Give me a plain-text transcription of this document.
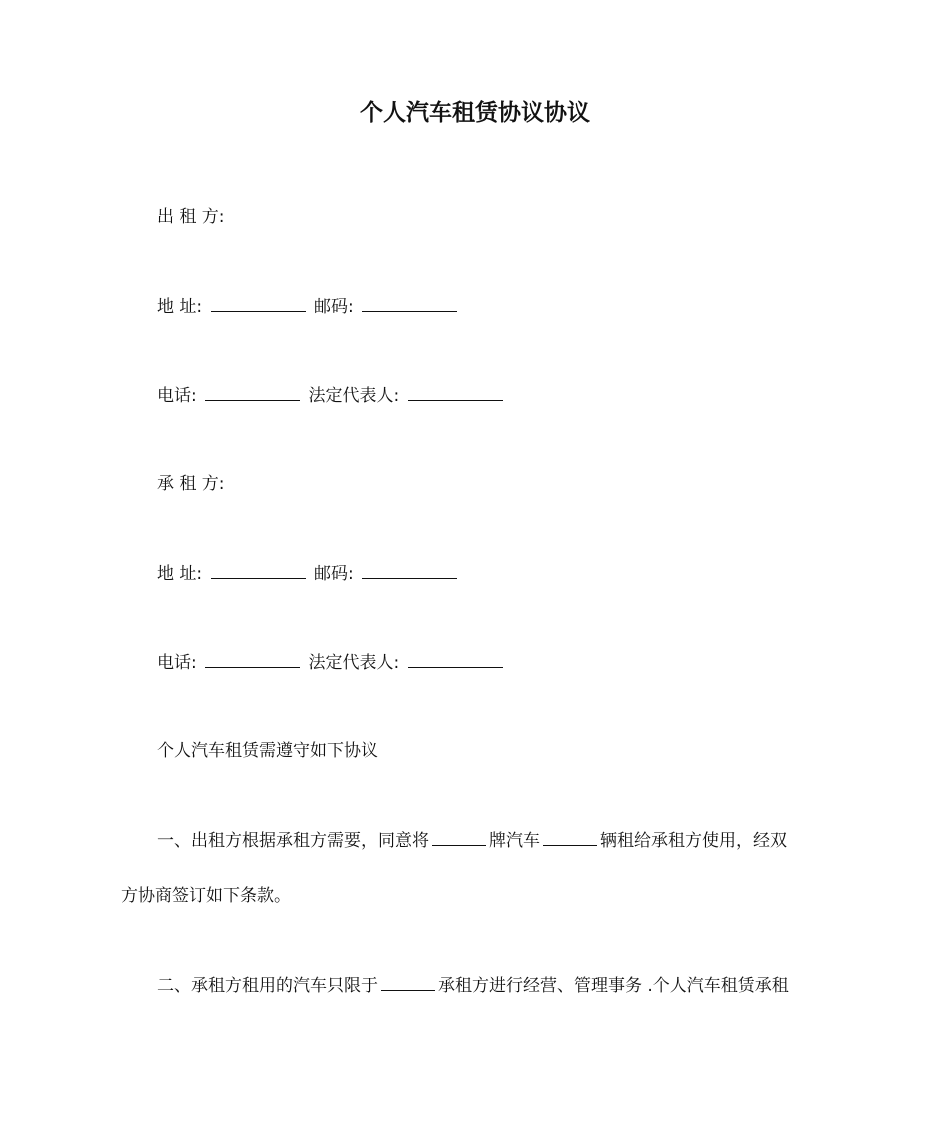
个人汽车租赁协议协议
出 租 方:
地 址:	邮码:
电话:	法定代表人:
承 租 方:
地 址:	邮码:
电话:	法定代表人:
个人汽车租赁需遵守如下协议
一、出租方根据承租方需要，同意将	牌汽车	辆租给承租方使用，经双
方协商签订如下条款。
二、承租方租用的汽车只限于	承租方进行经营、管理事务 .个人汽车租赁承租
